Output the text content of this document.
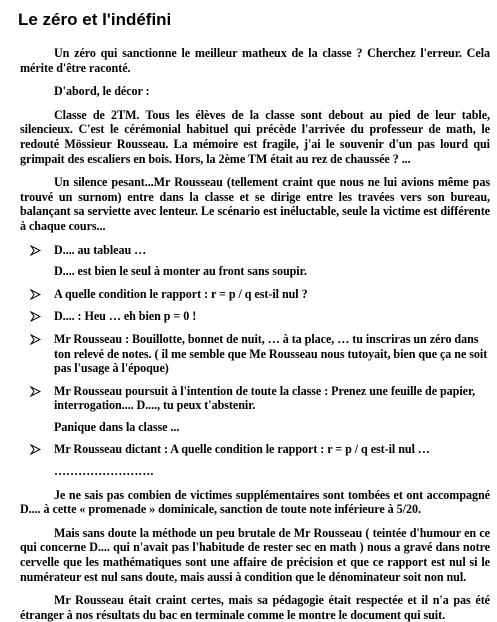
Le zéro et l'indéfini

Un zéro qui sanctionne le meilleur matheux de la classe ? Cherchez l'erreur. Cela mérite d'être raconté.

D'abord, le décor :

Classe de 2TM. Tous les élèves de la classe sont debout au pied de leur table, silencieux. C'est le cérémonial habituel qui précède l'arrivée du professeur de math, le redouté Mössieur Rousseau. La mémoire est fragile, j'ai le souvenir d'un pas lourd qui grimpait des escaliers en bois. Hors, la 2ème TM était au rez de chaussée ? ...

Un silence pesant...Mr Rousseau (tellement craint que nous ne lui avions même pas trouvé un surnom) entre dans la classe et se dirige entre les travées vers son bureau, balançant sa serviette avec lenteur. Le scénario est inéluctable, seule la victime est différente à chaque cours...

D.... au tableau …
D.... est bien le seul à monter au front sans soupir.
A quelle condition le rapport : r = p / q est-il nul ?
D.... : Heu … eh bien p = 0 !
Mr Rousseau : Bouillotte, bonnet de nuit, … à ta place, … tu inscriras un zéro dans ton relevé de notes. ( il me semble que Me Rousseau nous tutoyait, bien que ça ne soit pas l'usage à l'époque)
Mr Rousseau poursuit à l'intention de toute la classe : Prenez une feuille de papier, interrogation.... D...., tu peux t'abstenir.
Panique dans la classe ...
Mr Rousseau dictant : A quelle condition le rapport : r = p / q est-il nul …
…………………….

Je ne sais pas combien de victimes supplémentaires sont tombées et ont accompagné D.... à cette « promenade » dominicale, sanction de toute note inférieure à 5/20.

Mais sans doute la méthode un peu brutale de Mr Rousseau ( teintée d'humour en ce qui concerne D.... qui n'avait pas l'habitude de rester sec en math ) nous a gravé dans notre cervelle que les mathématiques sont une affaire de précision et que ce rapport est nul si le numérateur est nul sans doute, mais aussi à condition que le dénominateur soit non nul.

Mr Rousseau était craint certes, mais sa pédagogie était respectée et il n'a pas été étranger à nos résultats du bac en terminale comme le montre le document qui suit.
